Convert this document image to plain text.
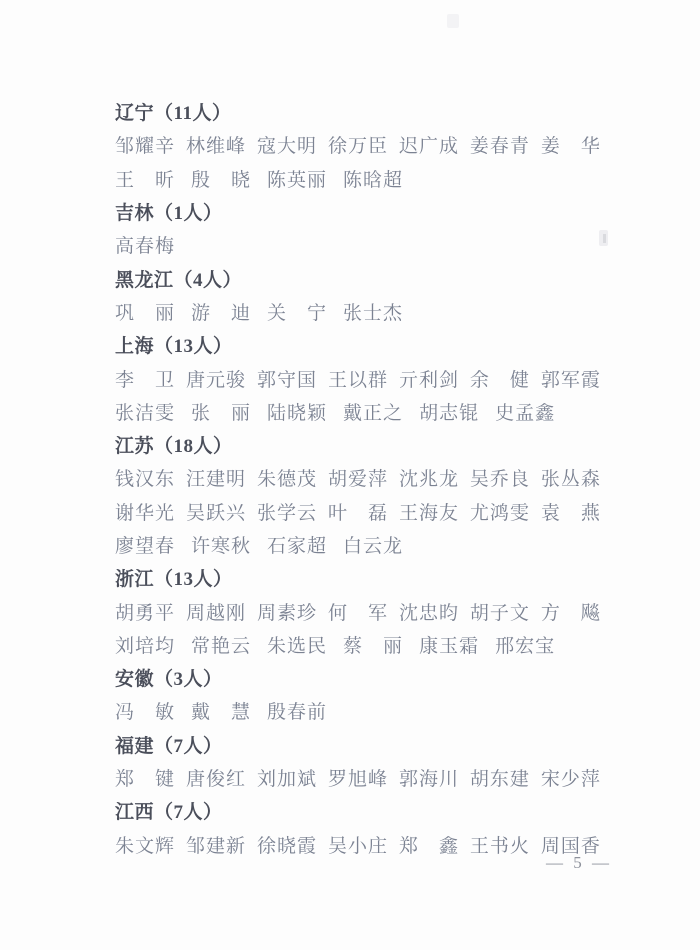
辽宁（11人）
邹耀辛 林维峰 寇大明 徐万臣 迟广成 姜春青 姜　华
王　昕 殷　晓 陈英丽 陈晗超
吉林（1人）
高春梅
黑龙江（4人）
巩　丽 游　迪 关　宁 张士杰
上海（13人）
李　卫 唐元骏 郭守国 王以群 亓利剑 余　健 郭军霞
张洁雯 张　丽 陆晓颖 戴正之 胡志锟 史孟鑫
江苏（18人）
钱汉东 汪建明 朱德茂 胡爱萍 沈兆龙 吴乔良 张丛森
谢华光 吴跃兴 张学云 叶　磊 王海友 尤鸿雯 袁　燕
廖望春 许寒秋 石家超 白云龙
浙江（13人）
胡勇平 周越刚 周素珍 何　军 沈忠昀 胡子文 方　飚
刘培均 常艳云 朱选民 蔡　丽 康玉霜 邢宏宝
安徽（3人）
冯　敏 戴　慧 殷春前
福建（7人）
郑　键 唐俊红 刘加斌 罗旭峰 郭海川 胡东建 宋少萍
江西（7人）
朱文辉 邹建新 徐晓霞 吴小庄 郑　鑫 王书火 周国香
— 5 —
